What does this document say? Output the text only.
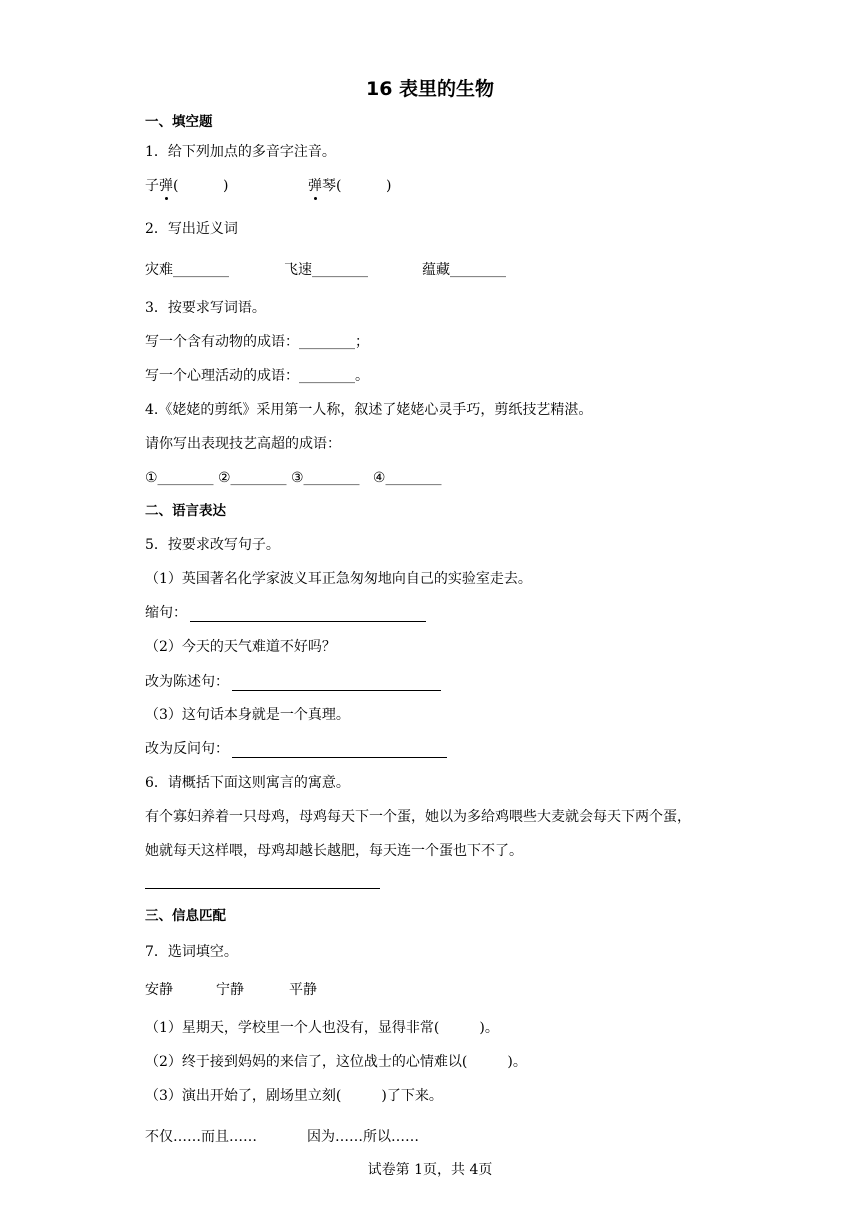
16 表里的生物
一、填空题
1．给下列加点的多音字注音。
子弹(          )	弹琴(          )
2．写出近义词
灾难________	飞速________	蕴藏________
3．按要求写词语。
写一个含有动物的成语：________；
写一个心理活动的成语：________。
4.《姥姥的剪纸》采用第一人称，叙述了姥姥心灵手巧，剪纸技艺精湛。
请你写出表现技艺高超的成语：
①________ ②________ ③________   ④________
二、语言表达
5．按要求改写句子。
（1）英国著名化学家波义耳正急匆匆地向自己的实验室走去。
缩句：
（2）今天的天气难道不好吗？
改为陈述句：
（3）这句话本身就是一个真理。
改为反问句：
6．请概括下面这则寓言的寓意。
有个寡妇养着一只母鸡，母鸡每天下一个蛋，她以为多给鸡喂些大麦就会每天下两个蛋，
她就每天这样喂，母鸡却越长越肥，每天连一个蛋也下不了。
三、信息匹配
7．选词填空。
安静	宁静	平静
（1）星期天，学校里一个人也没有，显得非常(         )。
（2）终于接到妈妈的来信了，这位战士的心情难以(         )。
（3）演出开始了，剧场里立刻(         )了下来。
不仅……而且……	因为……所以……
试卷第 1页，共 4页
